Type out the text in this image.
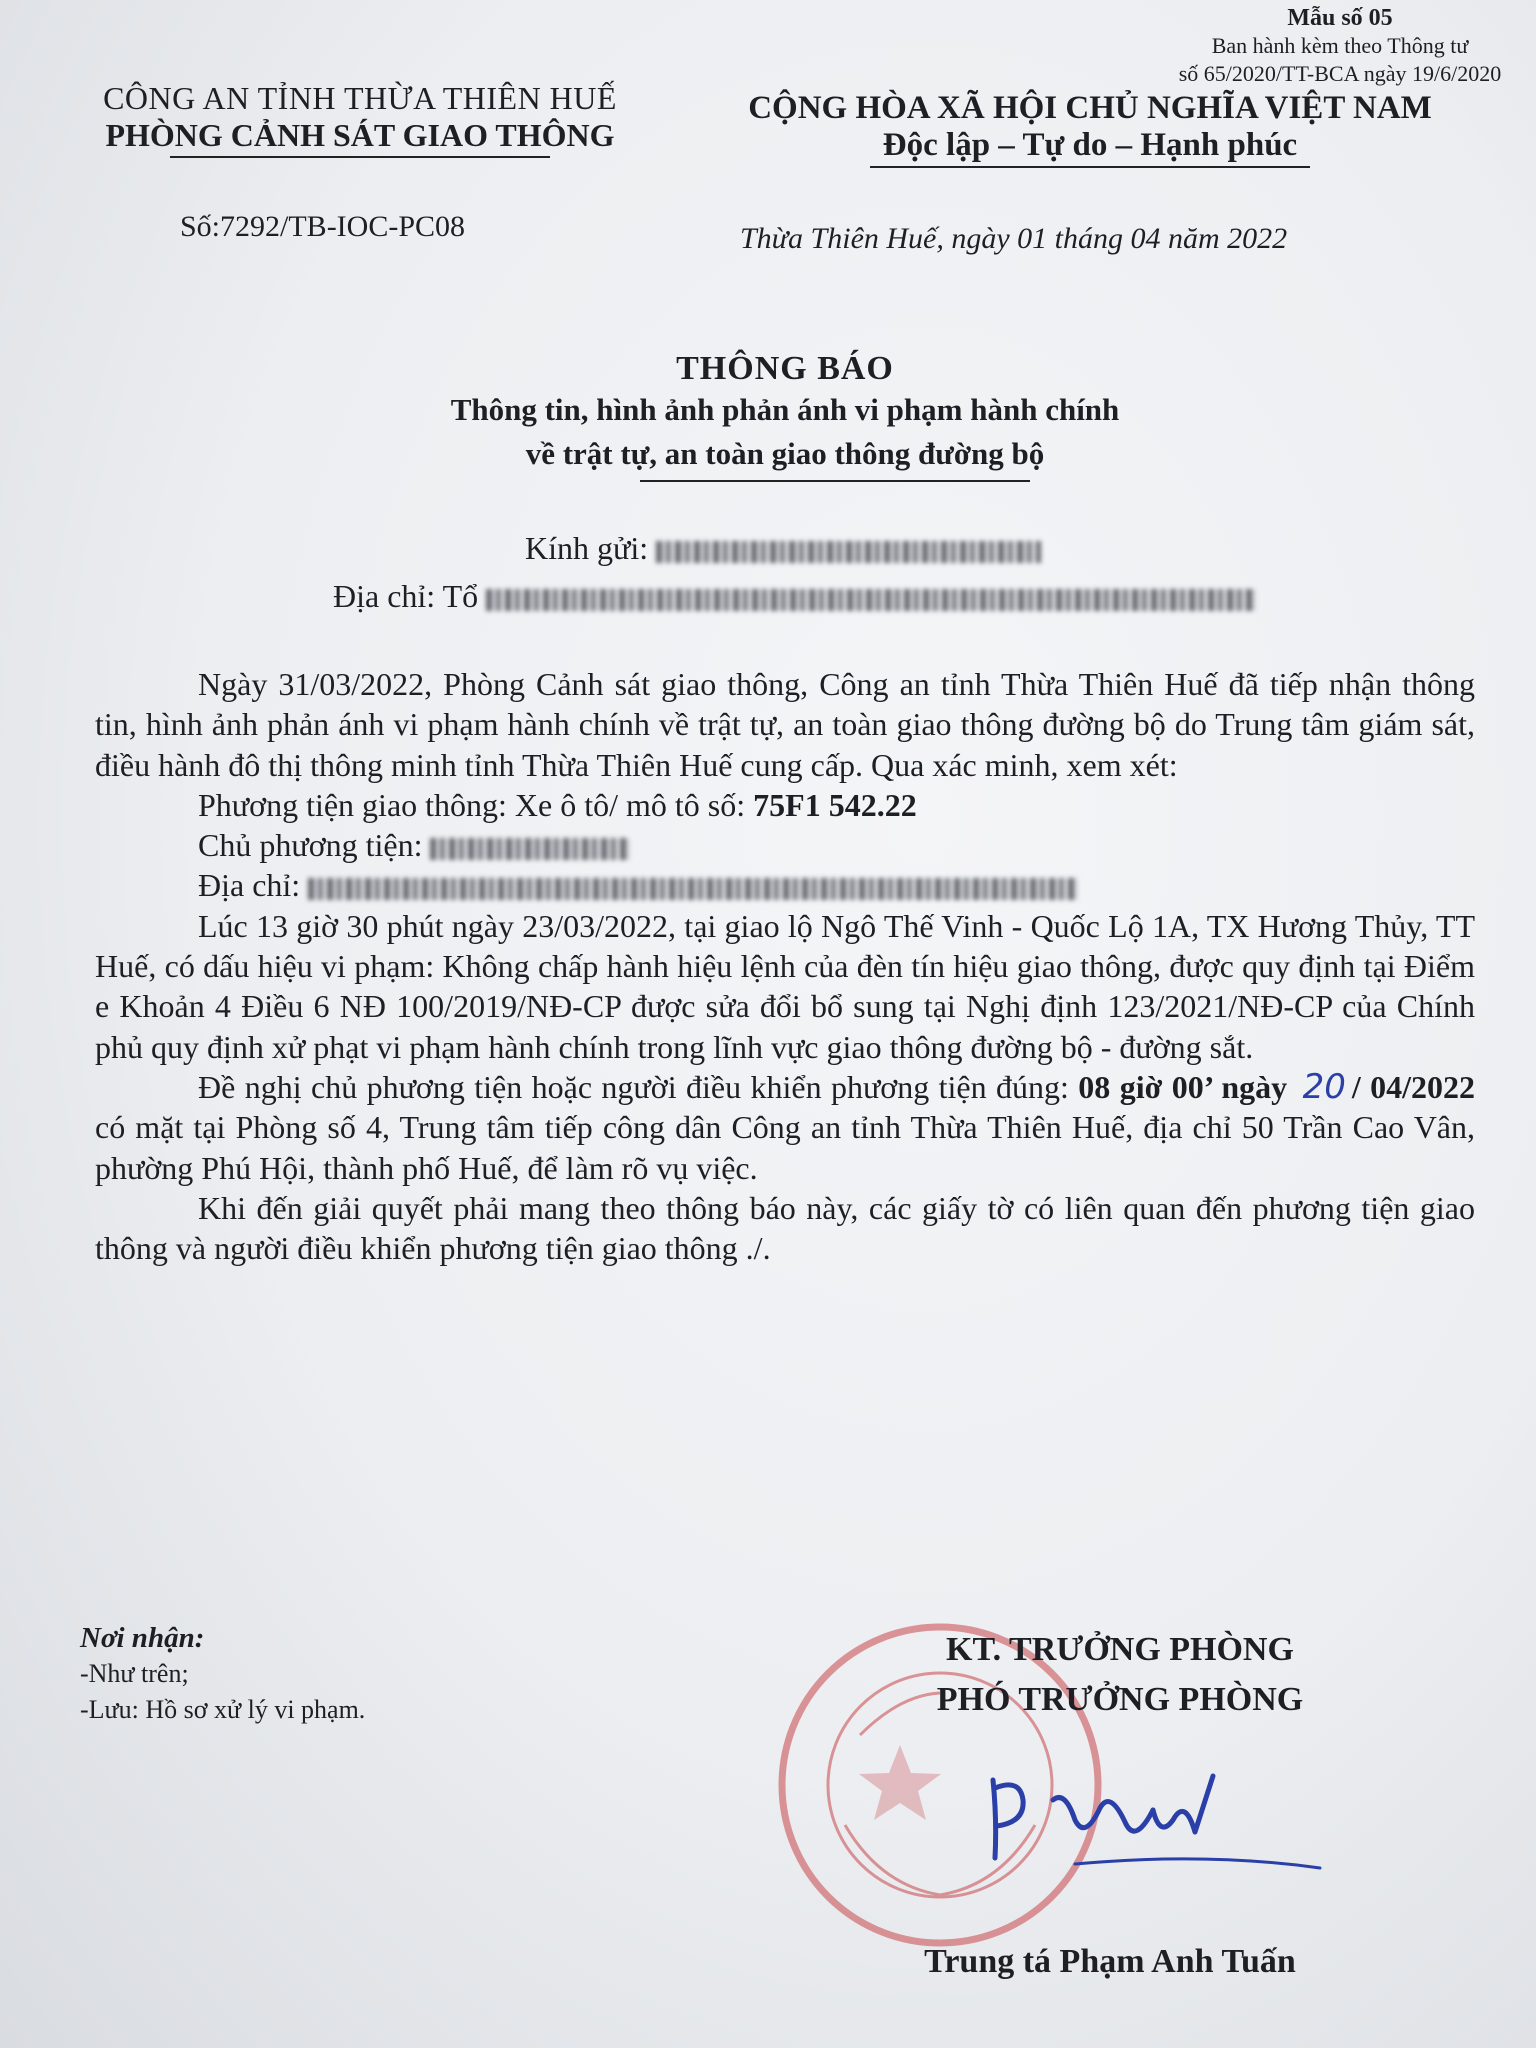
Mẫu số 05
Ban hành kèm theo Thông tư
số 65/2020/TT-BCA ngày 19/6/2020
CÔNG AN TỈNH THỪA THIÊN HUẾ
PHÒNG CẢNH SÁT GIAO THÔNG
CỘNG HÒA XÃ HỘI CHỦ NGHĨA VIỆT NAM
Độc lập – Tự do – Hạnh phúc
Số:7292/TB-IOC-PC08	Thừa Thiên Huế, ngày 01 tháng 04 năm 2022
THÔNG BÁO
Thông tin, hình ảnh phản ánh vi phạm hành chính
về trật tự, an toàn giao thông đường bộ
Kính gửi:
Địa chỉ: Tổ

Ngày 31/03/2022, Phòng Cảnh sát giao thông, Công an tỉnh Thừa Thiên Huế đã tiếp nhận thông tin, hình ảnh phản ánh vi phạm hành chính về trật tự, an toàn giao thông đường bộ do Trung tâm giám sát, điều hành đô thị thông minh tỉnh Thừa Thiên Huế cung cấp. Qua xác minh, xem xét:

Phương tiện giao thông: Xe ô tô/ mô tô số: 75F1 542.22

Chủ phương tiện:

Địa chỉ:

Lúc 13 giờ 30 phút ngày 23/03/2022, tại giao lộ Ngô Thế Vinh - Quốc Lộ 1A, TX Hương Thủy, TT Huế, có dấu hiệu vi phạm: Không chấp hành hiệu lệnh của đèn tín hiệu giao thông, được quy định tại Điểm e Khoản 4 Điều 6 NĐ 100/2019/NĐ-CP được sửa đổi bổ sung tại Nghị định 123/2021/NĐ-CP của Chính phủ quy định xử phạt vi phạm hành chính trong lĩnh vực giao thông đường bộ - đường sắt.

Đề nghị chủ phương tiện hoặc người điều khiển phương tiện đúng: 08 giờ 00’ ngày 20 / 04/2022 có mặt tại Phòng số 4, Trung tâm tiếp công dân Công an tỉnh Thừa Thiên Huế, địa chỉ 50 Trần Cao Vân, phường Phú Hội, thành phố Huế, để làm rõ vụ việc.

Khi đến giải quyết phải mang theo thông báo này, các giấy tờ có liên quan đến phương tiện giao thông và người điều khiển phương tiện giao thông ./.

Nơi nhận:
-Như trên;
-Lưu: Hồ sơ xử lý vi phạm.
KT. TRƯỞNG PHÒNG
PHÓ TRƯỞNG PHÒNG
Trung tá Phạm Anh Tuấn
